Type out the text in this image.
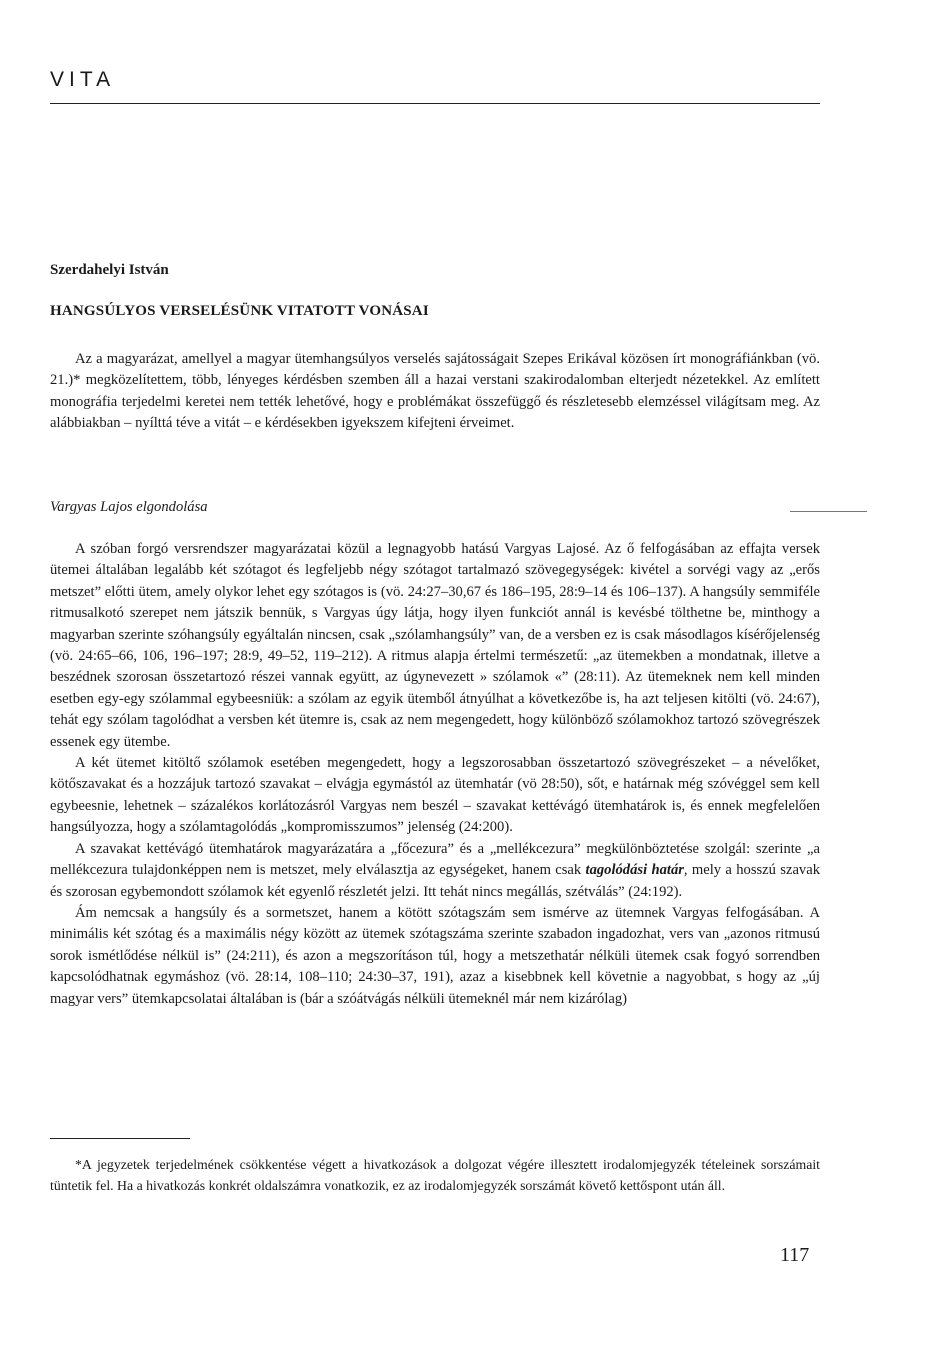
VITA
Szerdahelyi István
HANGSÚLYOS VERSELÉSÜNK VITATOTT VONÁSAI

Az a magyarázat, amellyel a magyar ütemhangsúlyos verselés sajátosságait Szepes Erikával közösen írt monográfiánkban (vö. 21.)* megközelítettem, több, lényeges kérdésben szemben áll a hazai verstani szakirodalomban elterjedt nézetekkel. Az említett monográfia terjedelmi keretei nem tették lehetővé, hogy e problémákat összefüggő és részletesebb elemzéssel világítsam meg. Az alábbiakban – nyílttá téve a vitát – e kérdésekben igyekszem kifejteni érveimet.

Vargyas Lajos elgondolása

A szóban forgó versrendszer magyarázatai közül a legnagyobb hatású Vargyas Lajosé. Az ő felfogásában az effajta versek ütemei általában legalább két szótagot és legfeljebb négy szótagot tartalmazó szövegegységek: kivétel a sorvégi vagy az „erős metszet” előtti ütem, amely olykor lehet egy szótagos is (vö. 24:27–30,67 és 186–195, 28:9–14 és 106–137). A hangsúly semmiféle ritmusalkotó szerepet nem játszik bennük, s Vargyas úgy látja, hogy ilyen funkciót annál is kevésbé tölthetne be, minthogy a magyarban szerinte szóhangsúly egyáltalán nincsen, csak „szólamhangsúly” van, de a versben ez is csak másodlagos kísérőjelenség (vö. 24:65–66, 106, 196–197; 28:9, 49–52, 119–212). A ritmus alapja értelmi természetű: „az ütemekben a mondatnak, illetve a beszédnek szorosan összetartozó részei vannak együtt, az úgynevezett » szólamok «” (28:11). Az ütemeknek nem kell minden esetben egy-egy szólammal egybeesniük: a szólam az egyik ütemből átnyúlhat a következőbe is, ha azt teljesen kitölti (vö. 24:67), tehát egy szólam tagolódhat a versben két ütemre is, csak az nem megengedett, hogy különböző szólamokhoz tartozó szövegrészek essenek egy ütembe.

A két ütemet kitöltő szólamok esetében megengedett, hogy a legszorosabban összetartozó szövegrészeket – a névelőket, kötőszavakat és a hozzájuk tartozó szavakat – elvágja egymástól az ütemhatár (vö 28:50), sőt, e határnak még szóvéggel sem kell egybeesnie, lehetnek – százalékos korlátozásról Vargyas nem beszél – szavakat kettévágó ütemhatárok is, és ennek megfelelően hangsúlyozza, hogy a szólamtagolódás „kompromisszumos” jelenség (24:200).

A szavakat kettévágó ütemhatárok magyarázatára a „főcezura” és a „mellékcezura” megkülönböztetése szolgál: szerinte „a mellékcezura tulajdonképpen nem is metszet, mely elválasztja az egységeket, hanem csak tagolódási határ, mely a hosszú szavak és szorosan egybemondott szólamok két egyenlő részletét jelzi. Itt tehát nincs megállás, szétválás” (24:192).

Ám nemcsak a hangsúly és a sormetszet, hanem a kötött szótagszám sem ismérve az ütemnek Vargyas felfogásában. A minimális két szótag és a maximális négy között az ütemek szótagszáma szerinte szabadon ingadozhat, vers van „azonos ritmusú sorok ismétlődése nélkül is” (24:211), és azon a megszorításon túl, hogy a metszethatár nélküli ütemek csak fogyó sorrendben kapcsolódhatnak egymáshoz (vö. 28:14, 108–110; 24:30–37, 191), azaz a kisebbnek kell követnie a nagyobbat, s hogy az „új magyar vers” ütemkapcsolatai általában is (bár a szóátvágás nélküli ütemeknél már nem kizárólag)

*A jegyzetek terjedelmének csökkentése végett a hivatkozások a dolgozat végére illesztett irodalomjegyzék tételeinek sorszámait tüntetik fel. Ha a hivatkozás konkrét oldalszámra vonatkozik, ez az irodalomjegyzék sorszámát követő kettőspont után áll.

117
